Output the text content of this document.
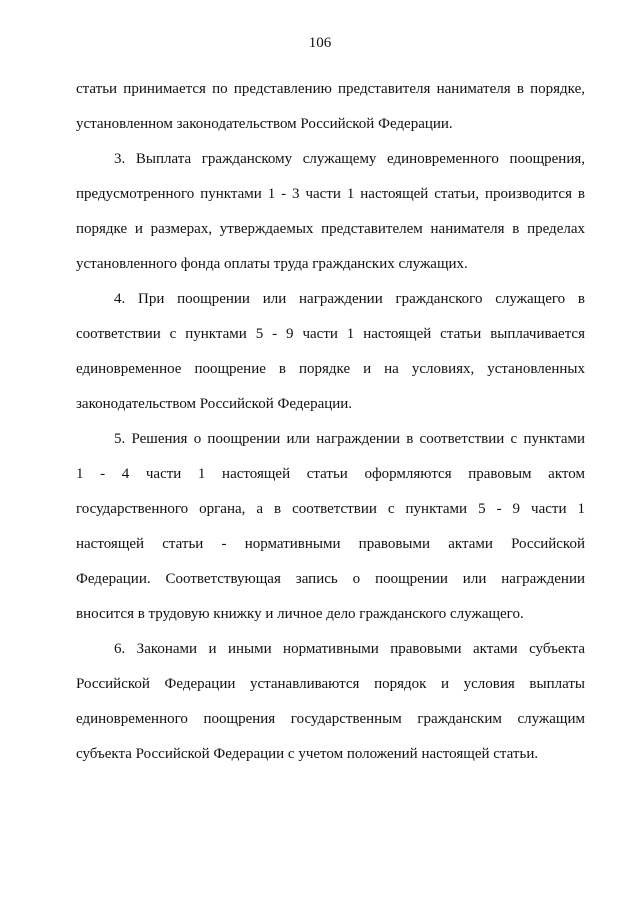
106

статьи принимается по представлению представителя нанимателя в порядке,
установленном законодательством Российской Федерации.

3. Выплата гражданскому служащему единовременного поощрения,
предусмотренного пунктами 1 - 3 части 1 настоящей статьи, производится в
порядке и размерах, утверждаемых представителем нанимателя в пределах
установленного фонда оплаты труда гражданских служащих.

4. При поощрении или награждении гражданского служащего в
соответствии с пунктами 5 - 9 части 1 настоящей статьи выплачивается
единовременное поощрение в порядке и на условиях, установленных
законодательством Российской Федерации.

5. Решения о поощрении или награждении в соответствии с пунктами
1 - 4 части 1 настоящей статьи оформляются правовым актом
государственного органа, а в соответствии с пунктами 5 - 9 части 1
настоящей статьи - нормативными правовыми актами Российской
Федерации. Соответствующая запись о поощрении или награждении
вносится в трудовую книжку и личное дело гражданского служащего.

6. Законами и иными нормативными правовыми актами субъекта
Российской Федерации устанавливаются порядок и условия выплаты
единовременного поощрения государственным гражданским служащим
субъекта Российской Федерации с учетом положений настоящей статьи.
